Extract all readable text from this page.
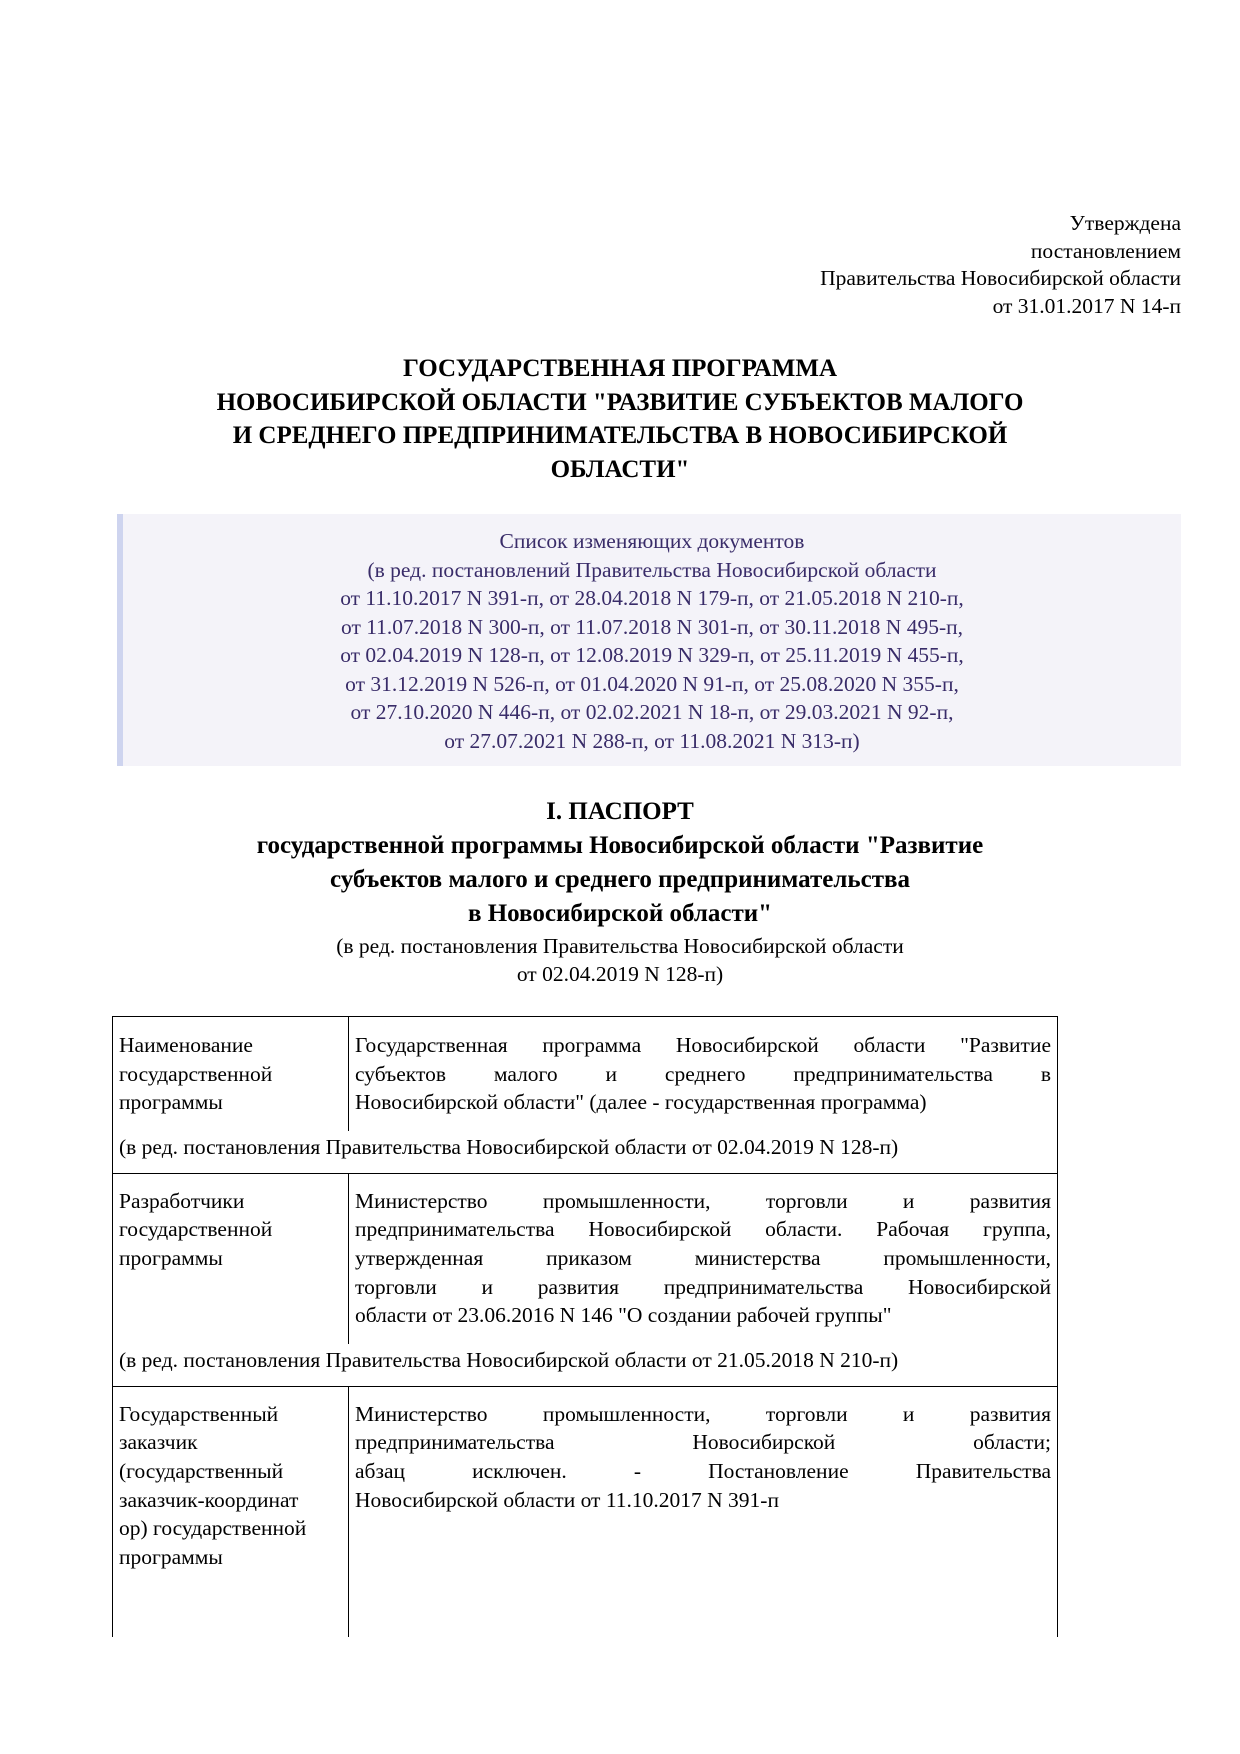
Утверждена
постановлением
Правительства Новосибирской области
от 31.01.2017 N 14-п
ГОСУДАРСТВЕННАЯ ПРОГРАММА
НОВОСИБИРСКОЙ ОБЛАСТИ "РАЗВИТИЕ СУБЪЕКТОВ МАЛОГО
И СРЕДНЕГО ПРЕДПРИНИМАТЕЛЬСТВА В НОВОСИБИРСКОЙ
ОБЛАСТИ"
Список изменяющих документов
(в ред. постановлений Правительства Новосибирской области
от 11.10.2017 N 391-п, от 28.04.2018 N 179-п, от 21.05.2018 N 210-п,
от 11.07.2018 N 300-п, от 11.07.2018 N 301-п, от 30.11.2018 N 495-п,
от 02.04.2019 N 128-п, от 12.08.2019 N 329-п, от 25.11.2019 N 455-п,
от 31.12.2019 N 526-п, от 01.04.2020 N 91-п, от 25.08.2020 N 355-п,
от 27.10.2020 N 446-п, от 02.02.2021 N 18-п, от 29.03.2021 N 92-п,
от 27.07.2021 N 288-п, от 11.08.2021 N 313-п)
I. ПАСПОРТ
государственной программы Новосибирской области "Развитие
субъектов малого и среднего предпринимательства
в Новосибирской области"
(в ред. постановления Правительства Новосибирской области
от 02.04.2019 N 128-п)
Наименование
государственной
программы
Государственная программа Новосибирской области "Развитие
субъектов малого и среднего предпринимательства в
Новосибирской области" (далее - государственная программа)
(в ред. постановления Правительства Новосибирской области от 02.04.2019 N 128-п)
Разработчики
государственной
программы
Министерство промышленности, торговли и развития
предпринимательства Новосибирской области. Рабочая группа,
утвержденная приказом министерства промышленности,
торговли и развития предпринимательства Новосибирской
области от 23.06.2016 N 146 "О создании рабочей группы"
(в ред. постановления Правительства Новосибирской области от 21.05.2018 N 210-п)
Государственный
заказчик
(государственный
заказчик-координат
ор) государственной
программы
Министерство промышленности, торговли и развития
предпринимательства Новосибирской области;
абзац исключен. - Постановление Правительства
Новосибирской области от 11.10.2017 N 391-п
